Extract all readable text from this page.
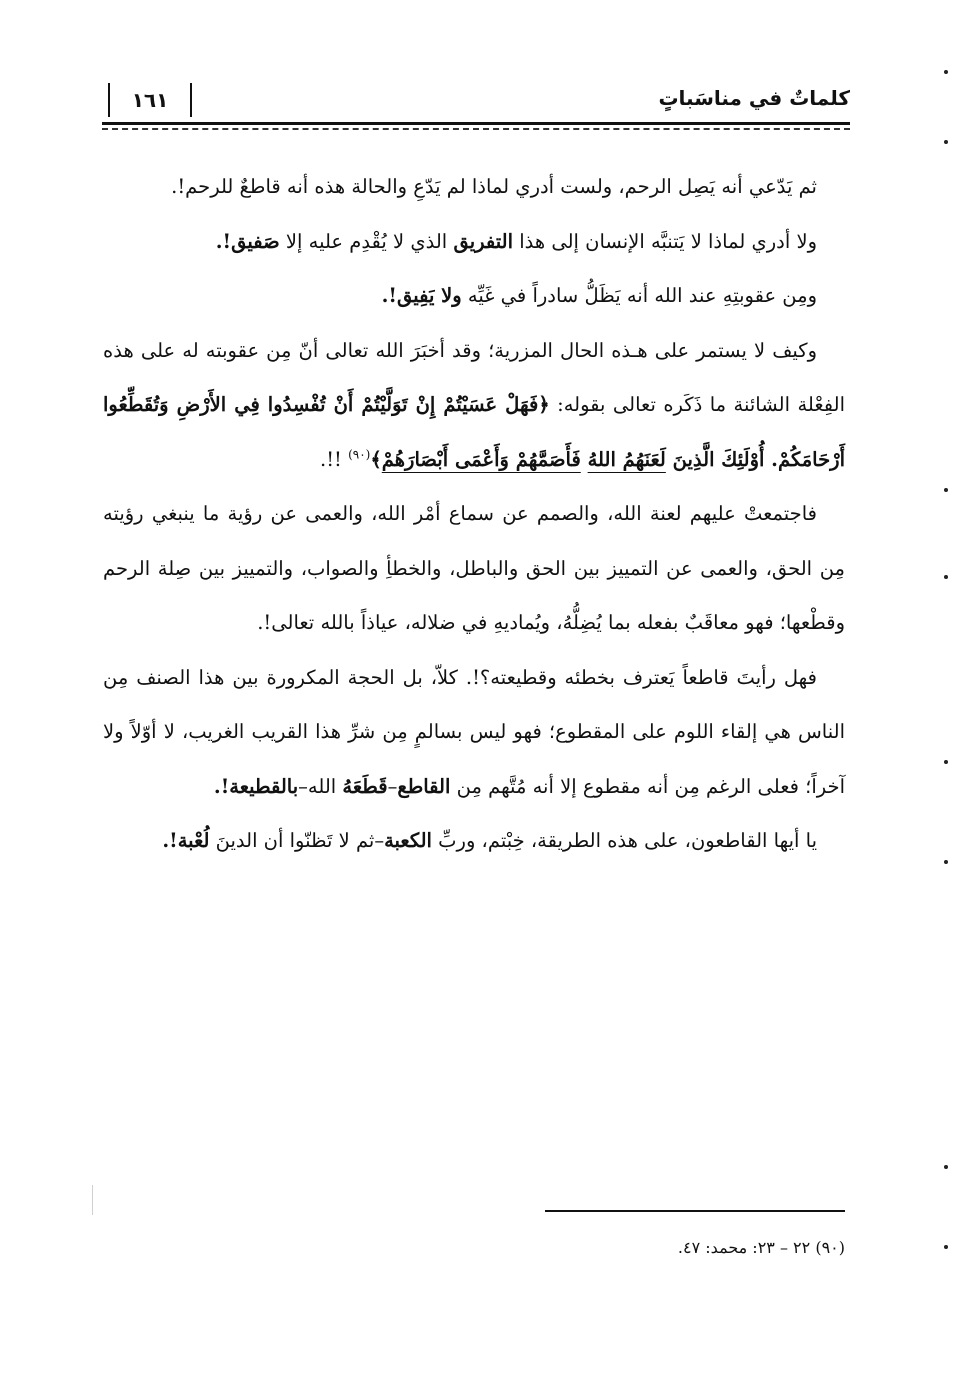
١٦١	كلماتٌ في مناسَباتٍ

ثم يَدّعي أنه يَصِل الرحم، ولست أدري لماذا لم يَدّعِ والحالة هذه أنه قاطعٌ للرحم!.

ولا أدري لماذا لا يَتنبَّه الإنسان إلى هذا التفريق الذي لا يُقْدِم عليه إلا صَفيق!.

ومِن عقوبتِهِ عند الله أنه يَظَلُّ سادراً في غَيِّه ولا يَفِيق!.

وكيف لا يستمر على هـذه الحال المزرية؛ وقد أخبَرَ الله تعالى أنّ مِن عقوبته له على هذه الفِعْلة الشائنة ما ذَكَره تعالى بقوله: ﴿فَهَلْ عَسَيْتُمْ إِنْ تَوَلَّيْتُمْ أَنْ تُفْسِدُوا فِي الأَرْضِ وَتُقَطِّعُوا أَرْحَامَكُمْ. أُوْلَئِكَ الَّذِينَ لَعَنَهُمُ اللهُ فَأَصَمَّهُمْ وَأَعْمَى أَبْصَارَهُمْ﴾$^{(٩٠)}$ !!.

فاجتمعتْ عليهم لعنة الله، والصمم عن سماع أمْر الله، والعمى عن رؤية ما ينبغي رؤيته مِن الحق، والعمى عن التمييز بين الحق والباطل، والخطأِ والصواب، والتمييز بين صِلة الرحم وقطْعها؛ فهو معاقَبٌ بفعله بما يُضِلُّهُ، ويُماديهِ في ضلاله، عياذاً بالله تعالى!.

فهل رأيتَ قاطعاً يَعترف بخطئه وقطيعته؟!. كلاّ، بل الحجة المكرورة بين هذا الصنف مِن الناس هي إلقاء اللوم على المقطوع؛ فهو ليس بسالمٍ مِن شرِّ هذا القريب الغريب، لا أوّلاً ولا آخراً؛ فعلى الرغم مِن أنه مقطوع إلا أنه مُتَّهم مِن القاطع–قَطَعَهُ الله–بالقطيعة!.

يا أيها القاطعون، على هذه الطريقة، خِبْتم، وربِّ الكعبة–ثم لا تَظنّوا أن الدينَ لُعْبة!.

(٩٠) ٢٢ – ٢٣: محمد: ٤٧.
